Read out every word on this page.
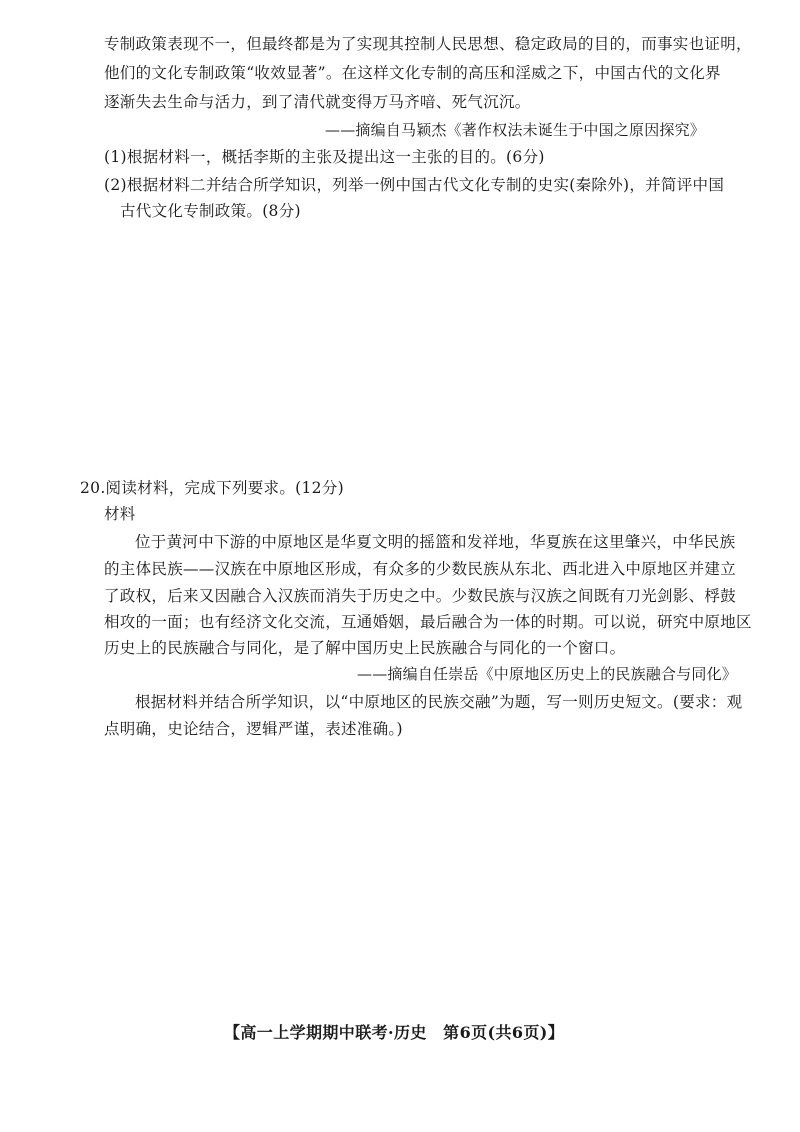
专制政策表现不一，但最终都是为了实现其控制人民思想、稳定政局的目的，而事实也证明，
他们的文化专制政策“收效显著”。在这样文化专制的高压和淫威之下，中国古代的文化界
逐渐失去生命与活力，到了清代就变得万马齐喑、死气沉沉。
——摘编自马颖杰《著作权法未诞生于中国之原因探究》
(1)根据材料一，概括李斯的主张及提出这一主张的目的。(6分)
(2)根据材料二并结合所学知识，列举一例中国古代文化专制的史实(秦除外)，并简评中国
古代文化专制政策。(8分)
20.阅读材料，完成下列要求。(12分)
材料
位于黄河中下游的中原地区是华夏文明的摇篮和发祥地，华夏族在这里肇兴，中华民族
的主体民族——汉族在中原地区形成，有众多的少数民族从东北、西北进入中原地区并建立
了政权，后来又因融合入汉族而消失于历史之中。少数民族与汉族之间既有刀光剑影、桴鼓
相攻的一面；也有经济文化交流，互通婚姻，最后融合为一体的时期。可以说，研究中原地区
历史上的民族融合与同化，是了解中国历史上民族融合与同化的一个窗口。
——摘编自任崇岳《中原地区历史上的民族融合与同化》
根据材料并结合所学知识，以“中原地区的民族交融”为题，写一则历史短文。(要求：观
点明确，史论结合，逻辑严谨，表述准确。)
【高一上学期期中联考·历史　第6页(共6页)】
